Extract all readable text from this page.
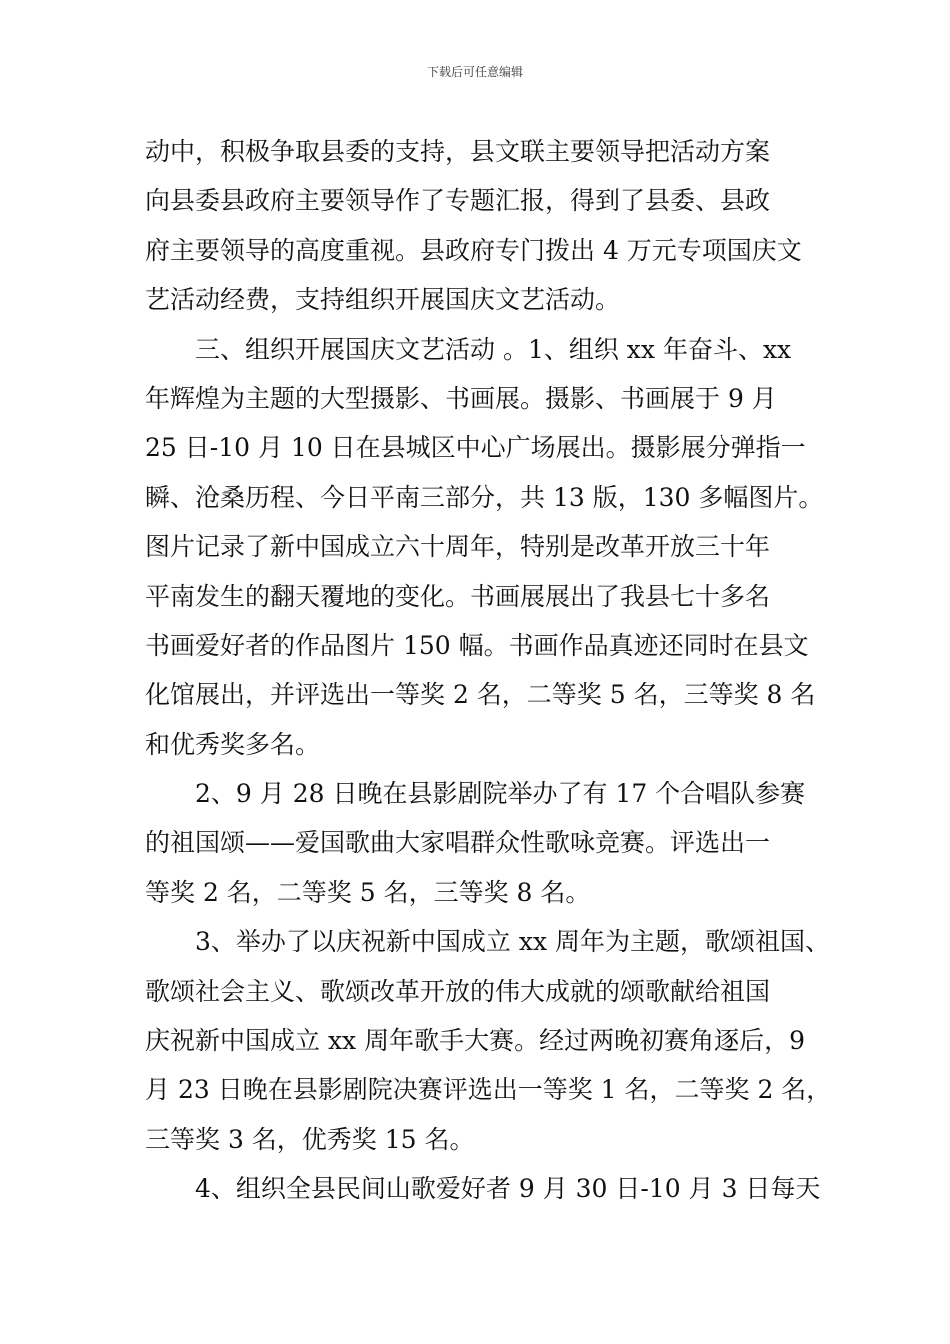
下载后可任意编辑
动中，积极争取县委的支持，县文联主要领导把活动方案
向县委县政府主要领导作了专题汇报，得到了县委、县政
府主要领导的高度重视。县政府专门拨出 4 万元专项国庆文
艺活动经费，支持组织开展国庆文艺活动。
　　三、组织开展国庆文艺活动 。1、组织 xx 年奋斗、xx
年辉煌为主题的大型摄影、书画展。摄影、书画展于 9 月
25 日-10 月 10 日在县城区中心广场展出。摄影展分弹指一
瞬、沧桑历程、今日平南三部分，共 13 版，130 多幅图片。
图片记录了新中国成立六十周年，特别是改革开放三十年
平南发生的翻天覆地的变化。书画展展出了我县七十多名
书画爱好者的作品图片 150 幅。书画作品真迹还同时在县文
化馆展出，并评选出一等奖 2 名，二等奖 5 名，三等奖 8 名
和优秀奖多名。
　　2、9 月 28 日晚在县影剧院举办了有 17 个合唱队参赛
的祖国颂——爱国歌曲大家唱群众性歌咏竞赛。评选出一
等奖 2 名，二等奖 5 名，三等奖 8 名。
　　3、举办了以庆祝新中国成立 xx 周年为主题，歌颂祖国、
歌颂社会主义、歌颂改革开放的伟大成就的颂歌献给祖国
庆祝新中国成立 xx 周年歌手大赛。经过两晚初赛角逐后，9
月 23 日晚在县影剧院决赛评选出一等奖 1 名，二等奖 2 名，
三等奖 3 名，优秀奖 15 名。
　　4、组织全县民间山歌爱好者 9 月 30 日-10 月 3 日每天
